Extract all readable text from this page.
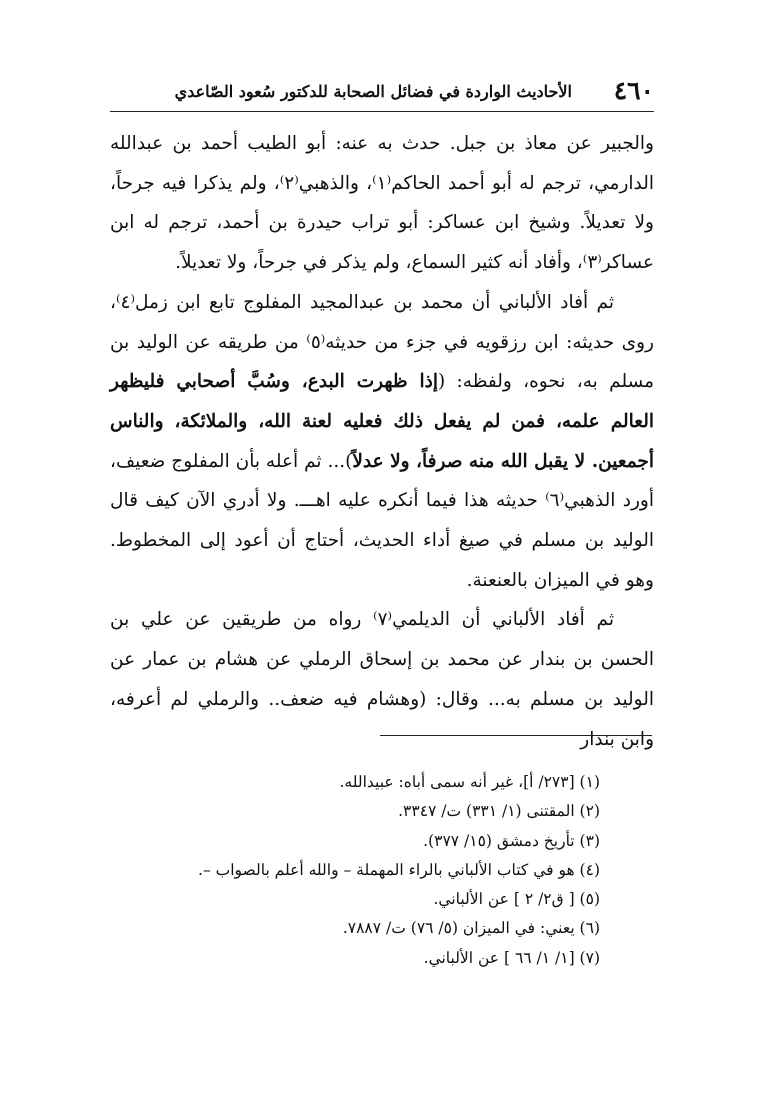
٤٦٠
الأحاديث الواردة في فضائل الصحابة للدكتور سُعود الصّاعدي

والجبير عن معاذ بن جبل. حدث به عنه: أبو الطيب أحمد بن عبدالله الدارمي، ترجم له أبو أحمد الحاكم⁽١⁾، والذهبي⁽٢⁾، ولم يذكرا فيه جرحاً، ولا تعديلاً. وشيخ ابن عساكر: أبو تراب حيدرة بن أحمد، ترجم له ابن عساكر⁽٣⁾، وأفاد أنه كثير السماع، ولم يذكر في جرحاً، ولا تعديلاً.

ثم أفاد الألباني أن محمد بن عبدالمجيد المفلوج تابع ابن زمل⁽٤⁾، روى حديثه: ابن رزقويه في جزء من حديثه⁽٥⁾ من طريقه عن الوليد بن مسلم به، نحوه، ولفظه: (إذا ظهرت البدع، وسُبَّ أصحابي فليظهر العالم علمه، فمن لم يفعل ذلك فعليه لعنة الله، والملائكة، والناس أجمعين. لا يقبل الله منه صرفاً، ولا عدلاً)... ثم أعله بأن المفلوج ضعيف، أورد الذهبي⁽٦⁾ حديثه هذا فيما أنكره عليه اهـــ. ولا أدري الآن كيف قال الوليد بن مسلم في صيغ أداء الحديث، أحتاج أن أعود إلى المخطوط. وهو في الميزان بالعنعنة.

ثم أفاد الألباني أن الديلمي⁽٧⁾ رواه من طريقين عن علي بن الحسن بن بندار عن محمد بن إسحاق الرملي عن هشام بن عمار عن الوليد بن مسلم به... وقال: (وهشام فيه ضعف.. والرملي لم أعرفه، وابن بندار

(١) [٢٧٣/ أ]، غير أنه سمى أباه: عبيدالله.
(٢) المقتنى (١/ ٣٣١) ت/ ٣٣٤٧.
(٣) تأريخ دمشق (١٥/ ٣٧٧).
(٤) هو في كتاب الألباني بالراء المهملة – والله أعلم بالصواب –.
(٥) [ ق٢/ ٢ ] عن الألباني.
(٦) يعني: في الميزان (٥/ ٧٦) ت/ ٧٨٨٧.
(٧) [١/ ١/ ٦٦ ] عن الألباني.
